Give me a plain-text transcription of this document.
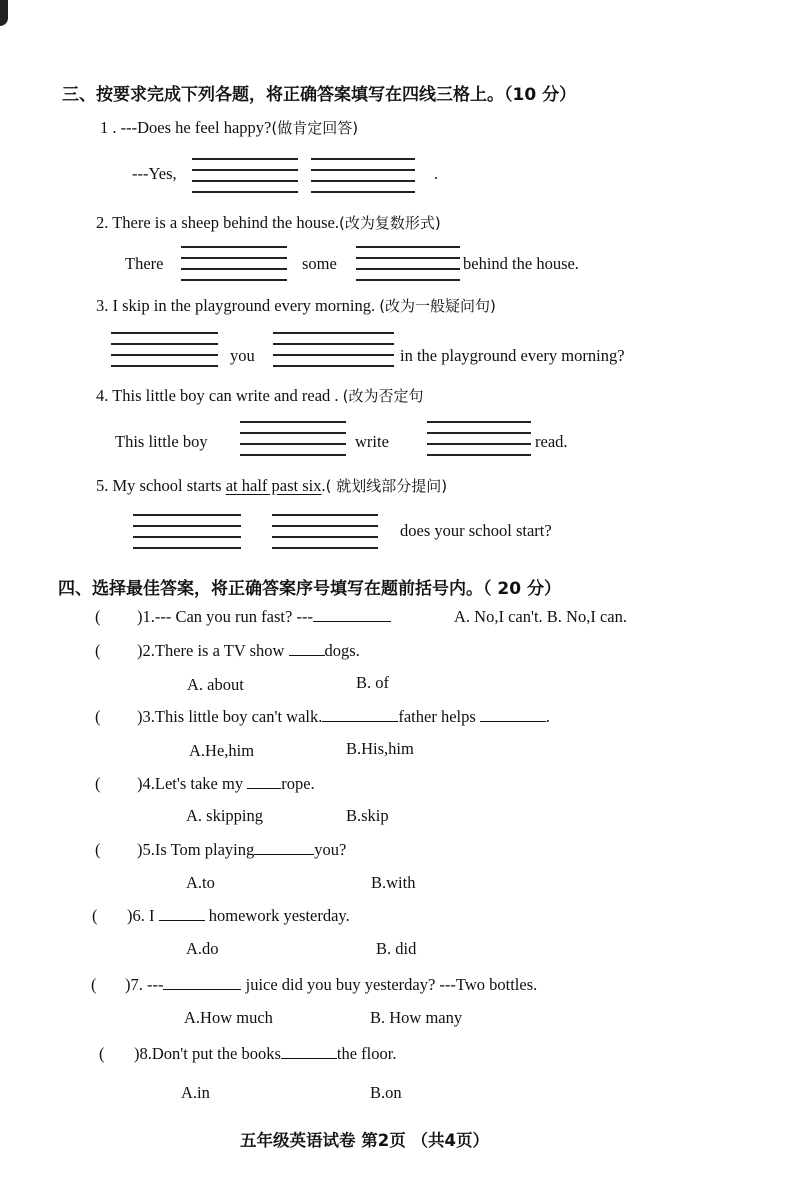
三、按要求完成下列各题，将正确答案填写在四线三格上。（10 分）
1 . ---Does he feel happy?(做肯定回答)
---Yes,	.
2. There is a sheep behind the house.(改为复数形式)
There	some	behind the house.
3. I skip in the playground every morning. (改为一般疑问句)
you	in the playground every morning?
4. This little boy can write and read . (改为否定句
This little boy	write	read.
5. My school starts at half past six.( 就划线部分提问)
does your school start?
四、选择最佳答案，将正确答案序号填写在题前括号内。（ 20 分）
( )1.--- Can you run fast? ---	A. No,I can't. B. No,I can.
( )2.There is a TV show dogs.
A. about	B. of
( )3.This little boy can't walk.	father helps	.
A.He,him	B.His,him
( )4.Let's take my rope.
A. skipping	B.skip
( )5.Is Tom playing	you?
A.to	B.with
( )6. I	homework yesterday.
A.do	B. did
( )7. ---	juice did you buy yesterday? ---Two bottles.
A.How much	B. How many
( )8.Don't put the books	the floor.
A.in	B.on
五年级英语试卷 第2页 （共4页）
